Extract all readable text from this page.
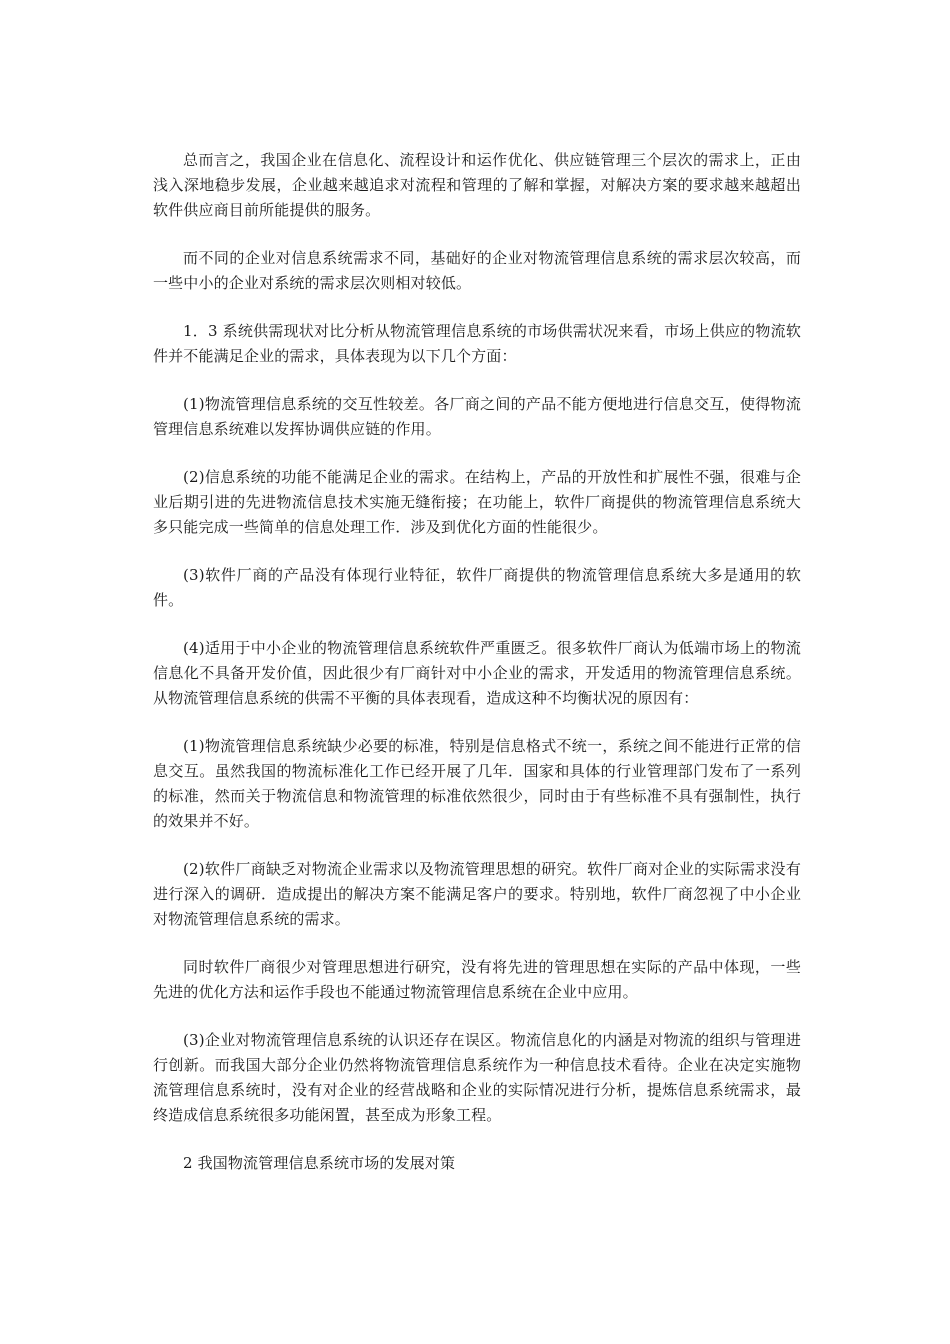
总而言之，我国企业在信息化、流程设计和运作优化、供应链管理三个层次的需求上，正由浅入深地稳步发展，企业越来越追求对流程和管理的了解和掌握，对解决方案的要求越来越超出软件供应商目前所能提供的服务。

而不同的企业对信息系统需求不同，基础好的企业对物流管理信息系统的需求层次较高，而一些中小的企业对系统的需求层次则相对较低。

1．3 系统供需现状对比分析从物流管理信息系统的市场供需状况来看，市场上供应的物流软件并不能满足企业的需求，具体表现为以下几个方面：

(1)物流管理信息系统的交互性较差。各厂商之间的产品不能方便地进行信息交互，使得物流管理信息系统难以发挥协调供应链的作用。

(2)信息系统的功能不能满足企业的需求。在结构上，产品的开放性和扩展性不强，很难与企业后期引进的先进物流信息技术实施无缝衔接；在功能上，软件厂商提供的物流管理信息系统大多只能完成一些简单的信息处理工作．涉及到优化方面的性能很少。

(3)软件厂商的产品没有体现行业特征，软件厂商提供的物流管理信息系统大多是通用的软件。

(4)适用于中小企业的物流管理信息系统软件严重匮乏。很多软件厂商认为低端市场上的物流信息化不具备开发价值，因此很少有厂商针对中小企业的需求，开发适用的物流管理信息系统。从物流管理信息系统的供需不平衡的具体表现看，造成这种不均衡状况的原因有：

(1)物流管理信息系统缺少必要的标准，特别是信息格式不统一，系统之间不能进行正常的信息交互。虽然我国的物流标准化工作已经开展了几年．国家和具体的行业管理部门发布了一系列的标准，然而关于物流信息和物流管理的标准依然很少，同时由于有些标准不具有强制性，执行的效果并不好。

(2)软件厂商缺乏对物流企业需求以及物流管理思想的研究。软件厂商对企业的实际需求没有进行深入的调研．造成提出的解决方案不能满足客户的要求。特别地，软件厂商忽视了中小企业对物流管理信息系统的需求。

同时软件厂商很少对管理思想进行研究，没有将先进的管理思想在实际的产品中体现，一些先进的优化方法和运作手段也不能通过物流管理信息系统在企业中应用。

(3)企业对物流管理信息系统的认识还存在误区。物流信息化的内涵是对物流的组织与管理进行创新。而我国大部分企业仍然将物流管理信息系统作为一种信息技术看待。企业在决定实施物流管理信息系统时，没有对企业的经营战略和企业的实际情况进行分析，提炼信息系统需求，最终造成信息系统很多功能闲置，甚至成为形象工程。

2 我国物流管理信息系统市场的发展对策
